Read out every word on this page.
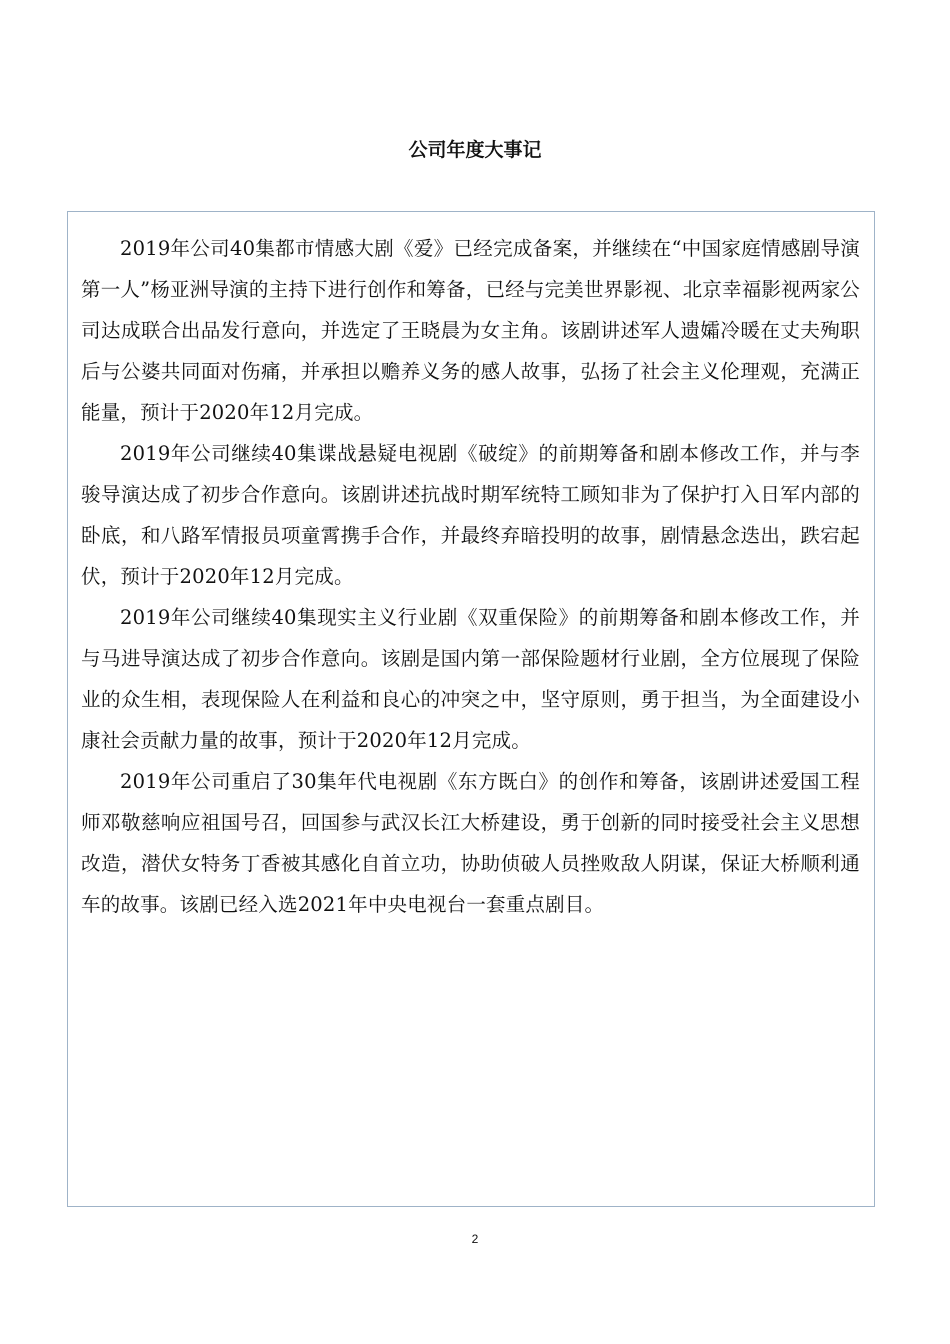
公司年度大事记

2019年公司40集都市情感大剧《爱》已经完成备案，并继续在“中国家庭情感剧导演第一人”杨亚洲导演的主持下进行创作和筹备，已经与完美世界影视、北京幸福影视两家公司达成联合出品发行意向，并选定了王晓晨为女主角。该剧讲述军人遗孀冷暖在丈夫殉职后与公婆共同面对伤痛，并承担以赡养义务的感人故事，弘扬了社会主义伦理观，充满正能量，预计于2020年12月完成。

2019年公司继续40集谍战悬疑电视剧《破绽》的前期筹备和剧本修改工作，并与李骏导演达成了初步合作意向。该剧讲述抗战时期军统特工顾知非为了保护打入日军内部的卧底，和八路军情报员项童霄携手合作，并最终弃暗投明的故事，剧情悬念迭出，跌宕起伏，预计于2020年12月完成。

2019年公司继续40集现实主义行业剧《双重保险》的前期筹备和剧本修改工作，并与马进导演达成了初步合作意向。该剧是国内第一部保险题材行业剧，全方位展现了保险业的众生相，表现保险人在利益和良心的冲突之中，坚守原则，勇于担当，为全面建设小康社会贡献力量的故事，预计于2020年12月完成。

2019年公司重启了30集年代电视剧《东方既白》的创作和筹备，该剧讲述爱国工程师邓敬慈响应祖国号召，回国参与武汉长江大桥建设，勇于创新的同时接受社会主义思想改造，潜伏女特务丁香被其感化自首立功，协助侦破人员挫败敌人阴谋，保证大桥顺利通车的故事。该剧已经入选2021年中央电视台一套重点剧目。

2
